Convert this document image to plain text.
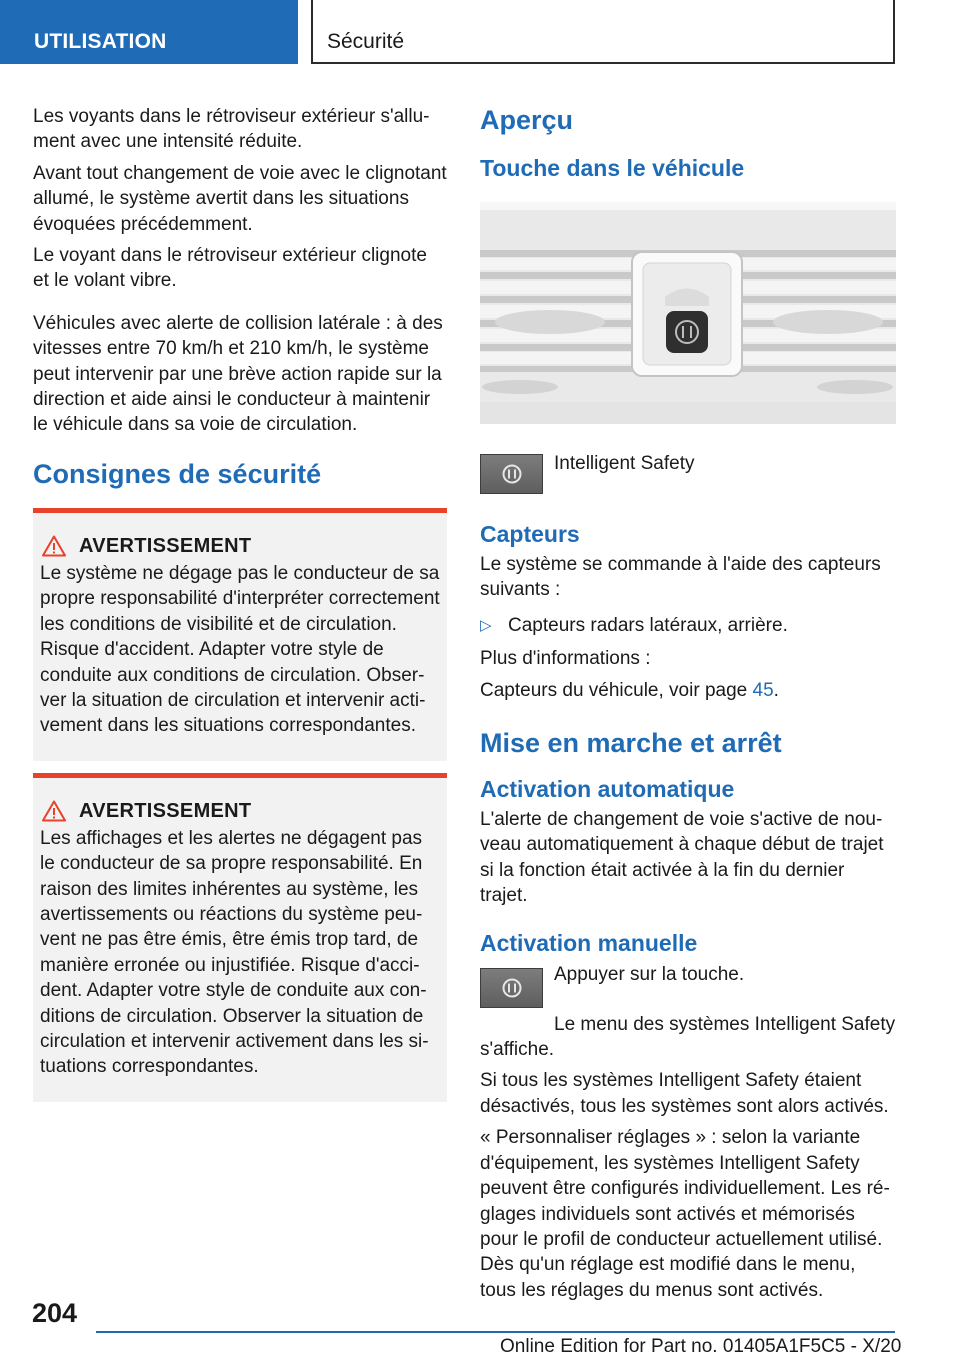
UTILISATION	Sécurité

Les voyants dans le rétroviseur extérieur s'allument avec une intensité réduite.

Avant tout changement de voie avec le clignotant allumé, le système avertit dans les situations évoquées précédemment.

Le voyant dans le rétroviseur extérieur clignote et le volant vibre.

Véhicules avec alerte de collision latérale : à des vitesses entre 70 km/h et 210 km/h, le système peut intervenir par une brève action rapide sur la direction et aide ainsi le conducteur à maintenir le véhicule dans sa voie de circulation.

Consignes de sécurité
AVERTISSEMENT

Le système ne dégage pas le conducteur de sa propre responsabilité d'interpréter correctement les conditions de visibilité et de circulation. Risque d'accident. Adapter votre style de conduite aux conditions de circulation. Observer la situation de circulation et intervenir activement dans les situations correspondantes.

AVERTISSEMENT

Les affichages et les alertes ne dégagent pas le conducteur de sa propre responsabilité. En raison des limites inhérentes au système, les avertissements ou réactions du système peuvent ne pas être émis, être émis trop tard, de manière erronée ou injustifiée. Risque d'accident. Adapter votre style de conduite aux conditions de circulation. Observer la situation de circulation et intervenir activement dans les situations correspondantes.

Aperçu
Touche dans le véhicule

Intelligent Safety

Capteurs

Le système se commande à l'aide des capteurs suivants :

▷ Capteurs radars latéraux, arrière.

Plus d'informations :

Capteurs du véhicule, voir page 45.

Mise en marche et arrêt
Activation automatique

L'alerte de changement de voie s'active de nouveau automatiquement à chaque début de trajet si la fonction était activée à la fin du dernier trajet.

Activation manuelle

Appuyer sur la touche.

Le menu des systèmes Intelligent Safety s'affiche.

Si tous les systèmes Intelligent Safety étaient désactivés, tous les systèmes sont alors activés.

« Personnaliser réglages » : selon la variante d'équipement, les systèmes Intelligent Safety peuvent être configurés individuellement. Les réglages individuels sont activés et mémorisés pour le profil de conducteur actuellement utilisé. Dès qu'un réglage est modifié dans le menu, tous les réglages du menus sont activés.

204
Online Edition for Part no. 01405A1F5C5 - X/20
